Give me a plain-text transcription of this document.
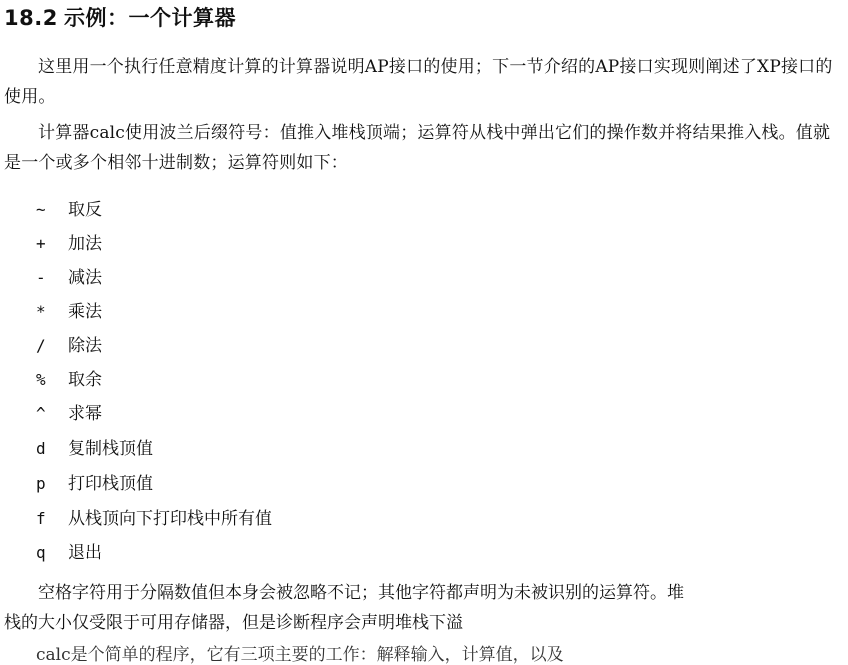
18.2 示例：一个计算器
这里用一个执行任意精度计算的计算器说明AP接口的使用；下一节介绍的AP接口实现则阐述了XP接口的使用。
计算器calc使用波兰后缀符号：值推入堆栈顶端；运算符从栈中弹出它们的操作数并将结果推入栈。值就是一个或多个相邻十进制数；运算符则如下：
~ 取反
+ 加法
- 减法
* 乘法
/ 除法
% 取余
^ 求幂
d 复制栈顶值
p 打印栈顶值
f 从栈顶向下打印栈中所有值
q 退出
空格字符用于分隔数值但本身会被忽略不记；其他字符都声明为未被识别的运算符。堆
栈的大小仅受限于可用存储器，但是诊断程序会声明堆栈下溢
calc是个简单的程序，它有三项主要的工作：解释输入，计算值，以及
